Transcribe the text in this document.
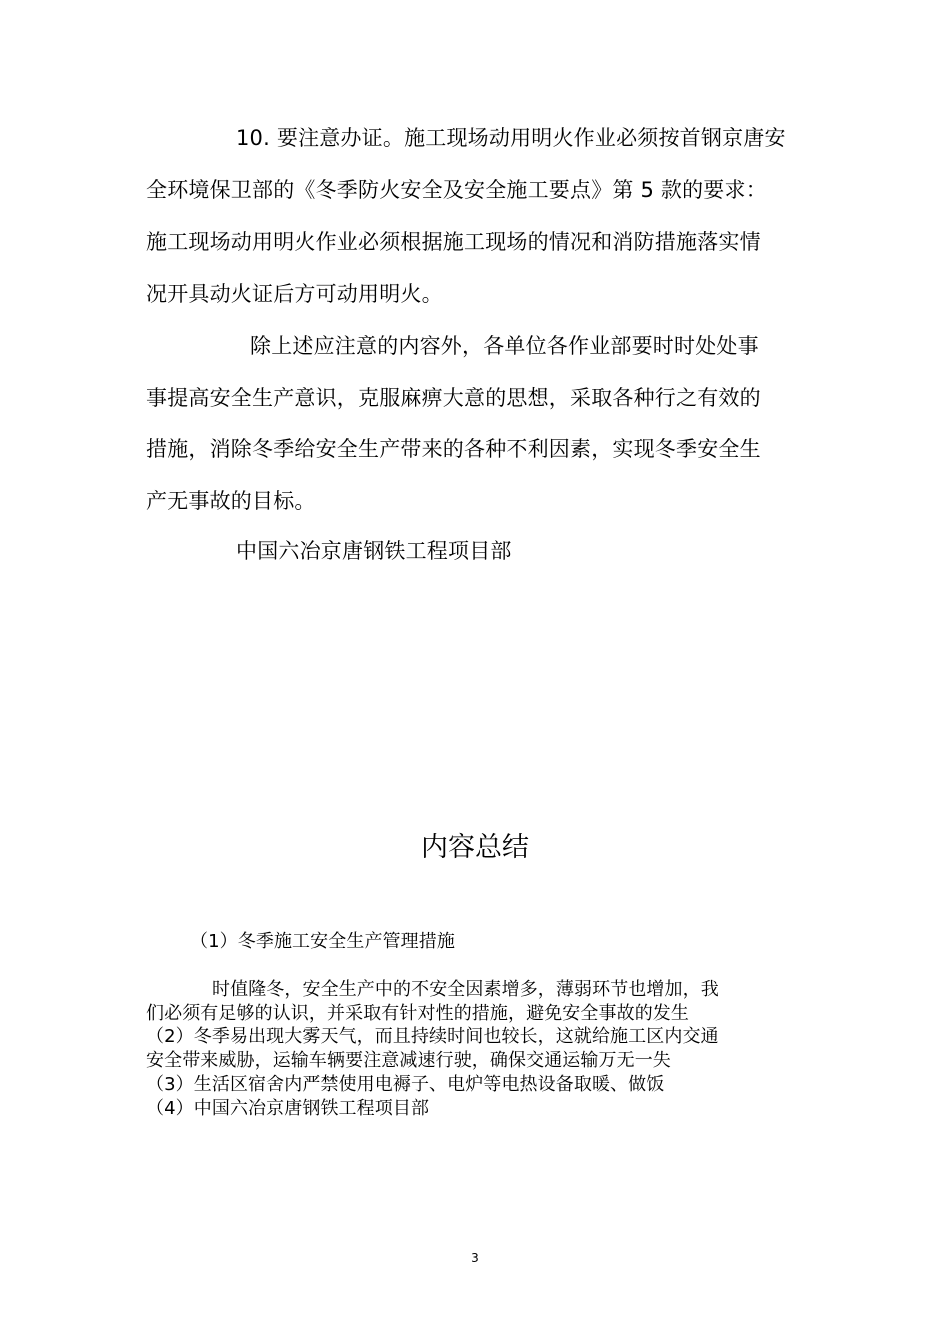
10. 要注意办证。施工现场动用明火作业必须按首钢京唐安
全环境保卫部的《冬季防火安全及安全施工要点》第 5 款的要求：
施工现场动用明火作业必须根据施工现场的情况和消防措施落实情
况开具动火证后方可动用明火。
除上述应注意的内容外，各单位各作业部要时时处处事
事提高安全生产意识，克服麻痹大意的思想，采取各种行之有效的
措施，消除冬季给安全生产带来的各种不利因素，实现冬季安全生
产无事故的目标。
中国六冶京唐钢铁工程项目部
内容总结
（1）冬季施工安全生产管理措施
时值隆冬，安全生产中的不安全因素增多，薄弱环节也增加，我
们必须有足够的认识，并采取有针对性的措施，避免安全事故的发生
（2）冬季易出现大雾天气，而且持续时间也较长，这就给施工区内交通
安全带来威胁，运输车辆要注意减速行驶，确保交通运输万无一失
（3）生活区宿舍内严禁使用电褥子、电炉等电热设备取暖、做饭
（4）中国六冶京唐钢铁工程项目部
3
